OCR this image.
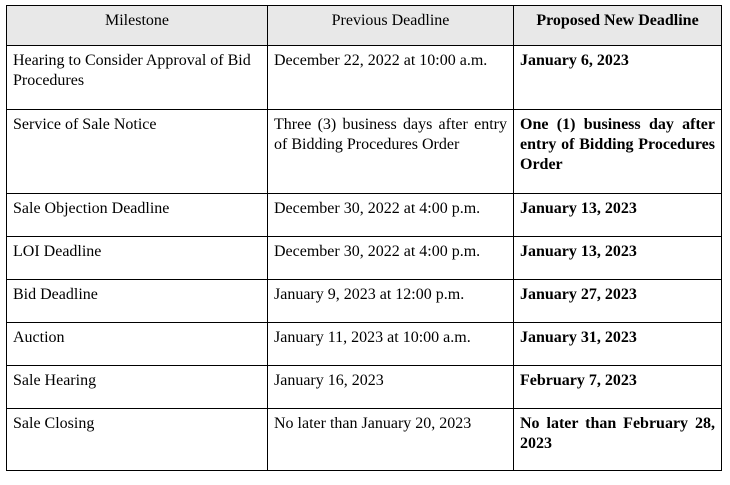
Milestone	Previous Deadline	Proposed New Deadline
Hearing to Consider Approval of Bid Procedures	December 22, 2022 at 10:00 a.m.	January 6, 2023
Service of Sale Notice	Three (3) business days after entry of Bidding Procedures Order	One (1) business day after entry of Bidding Procedures Order
Sale Objection Deadline	December 30, 2022 at 4:00 p.m.	January 13, 2023
LOI Deadline	December 30, 2022 at 4:00 p.m.	January 13, 2023
Bid Deadline	January 9, 2023 at 12:00 p.m.	January 27, 2023
Auction	January 11, 2023 at 10:00 a.m.	January 31, 2023
Sale Hearing	January 16, 2023	February 7, 2023
Sale Closing	No later than January 20, 2023	No later than February 28, 2023
